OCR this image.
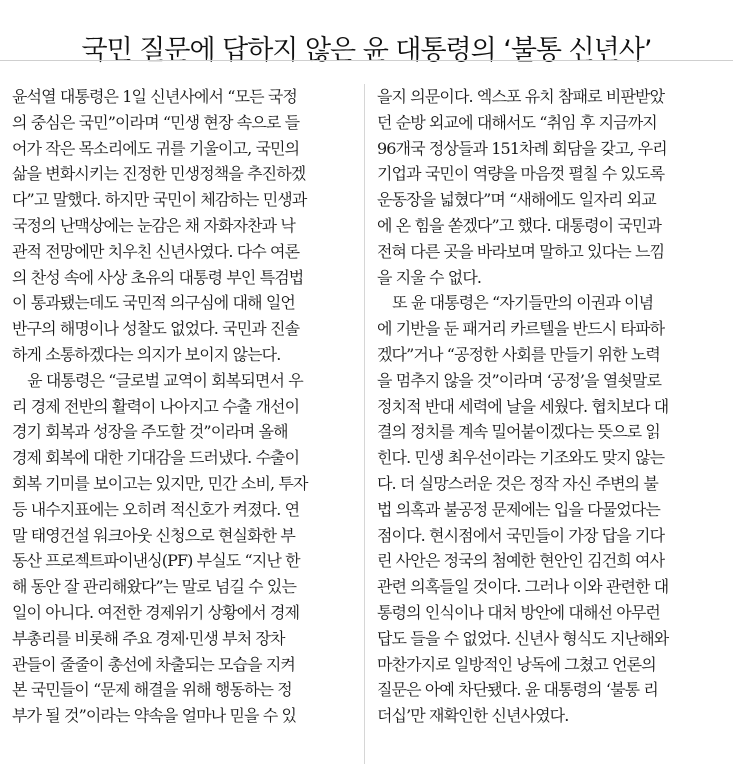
국민 질문에 답하지 않은 윤 대통령의 ‘불통 신년사’
윤석열 대통령은 1일 신년사에서 “모든 국정
의 중심은 국민”이라며 “민생 현장 속으로 들
어가 작은 목소리에도 귀를 기울이고, 국민의
삶을 변화시키는 진정한 민생정책을 추진하겠
다”고 말했다. 하지만 국민이 체감하는 민생과
국정의 난맥상에는 눈감은 채 자화자찬과 낙
관적 전망에만 치우친 신년사였다. 다수 여론
의 찬성 속에 사상 초유의 대통령 부인 특검법
이 통과됐는데도 국민적 의구심에 대해 일언
반구의 해명이나 성찰도 없었다. 국민과 진솔
하게 소통하겠다는 의지가 보이지 않는다.
　윤 대통령은 “글로벌 교역이 회복되면서 우
리 경제 전반의 활력이 나아지고 수출 개선이
경기 회복과 성장을 주도할 것”이라며 올해
경제 회복에 대한 기대감을 드러냈다. 수출이
회복 기미를 보이고는 있지만, 민간 소비, 투자
등 내수지표에는 오히려 적신호가 켜졌다. 연
말 태영건설 워크아웃 신청으로 현실화한 부
동산 프로젝트파이낸싱(PF) 부실도 “지난 한
해 동안 잘 관리해왔다”는 말로 넘길 수 있는
일이 아니다. 여전한 경제위기 상황에서 경제
부총리를 비롯해 주요 경제·민생 부처 장차
관들이 줄줄이 총선에 차출되는 모습을 지켜
본 국민들이 “문제 해결을 위해 행동하는 정
부가 될 것”이라는 약속을 얼마나 믿을 수 있
을지 의문이다. 엑스포 유치 참패로 비판받았
던 순방 외교에 대해서도 “취임 후 지금까지
96개국 정상들과 151차례 회담을 갖고, 우리
기업과 국민이 역량을 마음껏 펼칠 수 있도록
운동장을 넓혔다”며 “새해에도 일자리 외교
에 온 힘을 쏟겠다”고 했다. 대통령이 국민과
전혀 다른 곳을 바라보며 말하고 있다는 느낌
을 지울 수 없다.
　또 윤 대통령은 “자기들만의 이권과 이념
에 기반을 둔 패거리 카르텔을 반드시 타파하
겠다”거나 “공정한 사회를 만들기 위한 노력
을 멈추지 않을 것”이라며 ‘공정’을 열쇳말로
정치적 반대 세력에 날을 세웠다. 협치보다 대
결의 정치를 계속 밀어붙이겠다는 뜻으로 읽
힌다. 민생 최우선이라는 기조와도 맞지 않는
다. 더 실망스러운 것은 정작 자신 주변의 불
법 의혹과 불공정 문제에는 입을 다물었다는
점이다. 현시점에서 국민들이 가장 답을 기다
린 사안은 정국의 첨예한 현안인 김건희 여사
관련 의혹들일 것이다. 그러나 이와 관련한 대
통령의 인식이나 대처 방안에 대해선 아무런
답도 들을 수 없었다. 신년사 형식도 지난해와
마찬가지로 일방적인 낭독에 그쳤고 언론의
질문은 아예 차단됐다. 윤 대통령의 ‘불통 리
더십’만 재확인한 신년사였다.
